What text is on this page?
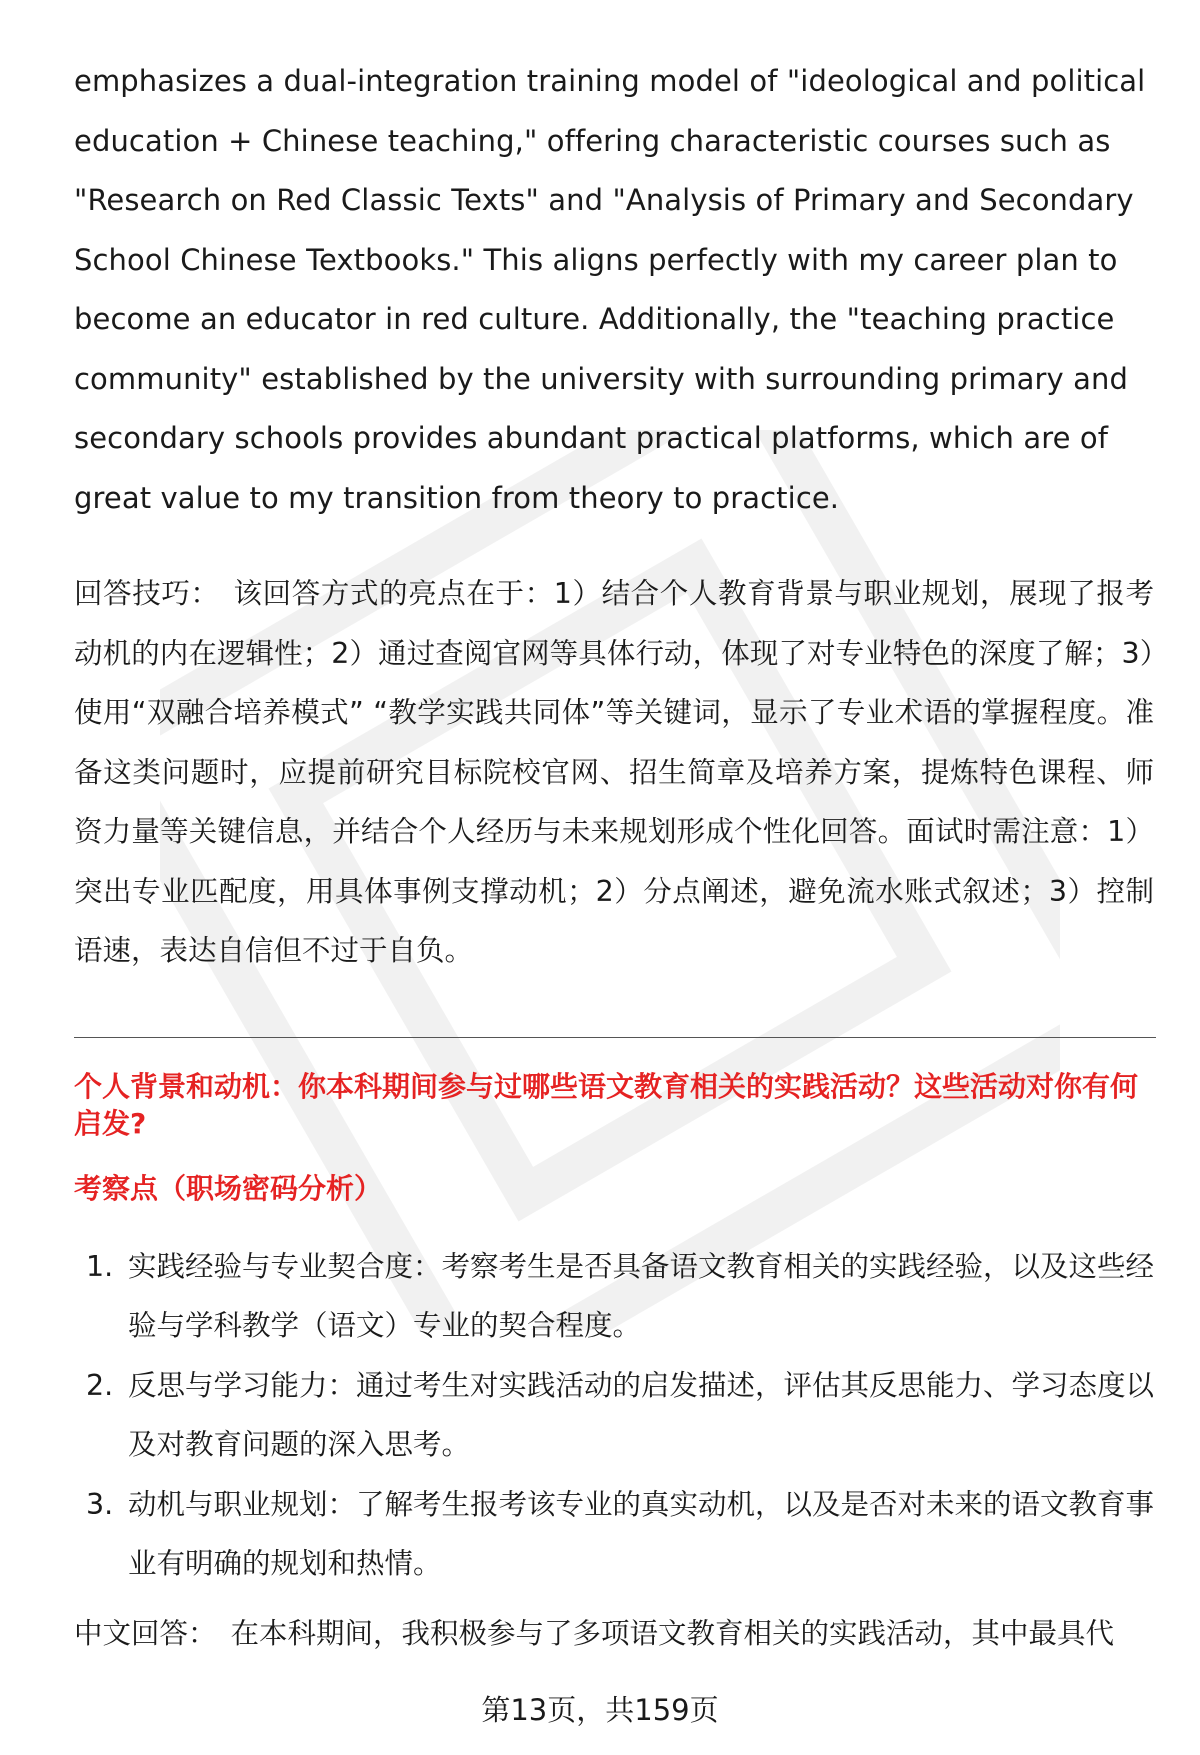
emphasizes a dual-integration training model of "ideological and political education + Chinese teaching," offering characteristic courses such as "Research on Red Classic Texts" and "Analysis of Primary and Secondary School Chinese Textbooks." This aligns perfectly with my career plan to become an educator in red culture. Additionally, the "teaching practice community" established by the university with surrounding primary and secondary schools provides abundant practical platforms, which are of great value to my transition from theory to practice.

回答技巧： 该回答方式的亮点在于：1）结合个人教育背景与职业规划，展现了报考动机的内在逻辑性；2）通过查阅官网等具体行动，体现了对专业特色的深度了解；3）使用“双融合培养模式” “教学实践共同体”等关键词，显示了专业术语的掌握程度。准备这类问题时，应提前研究目标院校官网、招生简章及培养方案，提炼特色课程、师资力量等关键信息，并结合个人经历与未来规划形成个性化回答。面试时需注意：1）突出专业匹配度，用具体事例支撑动机；2）分点阐述，避免流水账式叙述；3）控制语速，表达自信但不过于自负。

个人背景和动机：你本科期间参与过哪些语文教育相关的实践活动？这些活动对你有何启发?

考察点（职场密码分析）

1. 实践经验与专业契合度：考察考生是否具备语文教育相关的实践经验，以及这些经验与学科教学（语文）专业的契合程度。
2. 反思与学习能力：通过考生对实践活动的启发描述，评估其反思能力、学习态度以及对教育问题的深入思考。
3. 动机与职业规划：了解考生报考该专业的真实动机，以及是否对未来的语文教育事业有明确的规划和热情。

中文回答： 在本科期间，我积极参与了多项语文教育相关的实践活动，其中最具代

第13页，共159页
